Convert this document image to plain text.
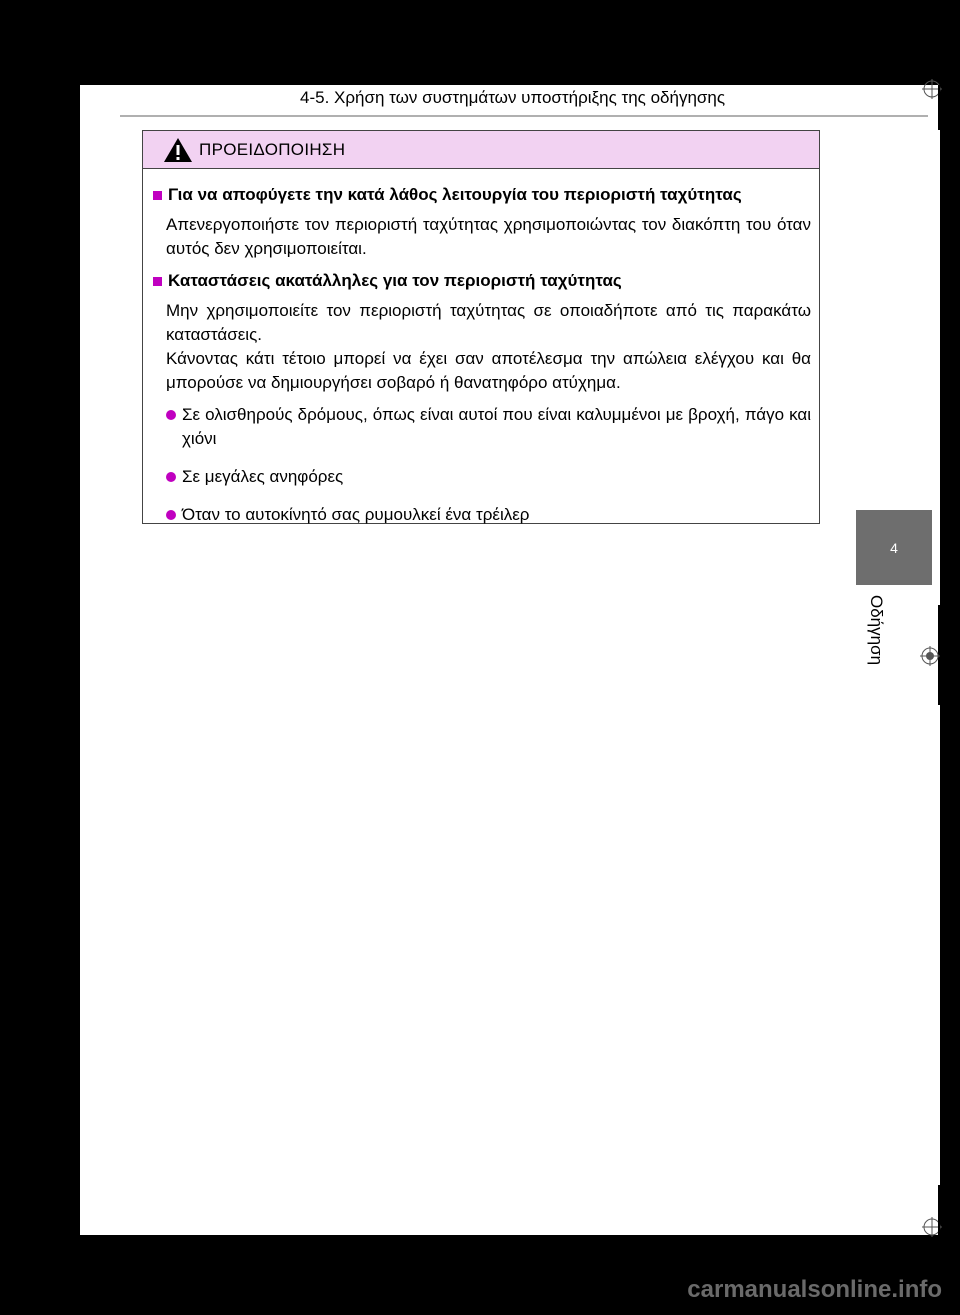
4-5. Χρήση των συστημάτων υποστήριξης της οδήγησης
ΠΡΟΕΙΔΟΠΟΙΗΣΗ
Για να αποφύγετε την κατά λάθος λειτουργία του περιοριστή ταχύτητας
Απενεργοποιήστε τον περιοριστή ταχύτητας χρησιμοποιώντας τον διακόπτη του όταν αυτός δεν χρησιμοποιείται.
Καταστάσεις ακατάλληλες για τον περιοριστή ταχύτητας
Μην χρησιμοποιείτε τον περιοριστή ταχύτητας σε οποιαδήποτε από τις παρακάτω καταστάσεις.
Κάνοντας κάτι τέτοιο μπορεί να έχει σαν αποτέλεσμα την απώλεια ελέγχου και θα μπορούσε να δημιουργήσει σοβαρό ή θανατηφόρο ατύχημα.
Σε ολισθηρούς δρόμους, όπως είναι αυτοί που είναι καλυμμένοι με βροχή, πάγο και χιόνι
Σε μεγάλες ανηφόρες
Όταν το αυτοκίνητό σας ρυμουλκεί ένα τρέιλερ
4
Οδήγηση
carmanualsonline.info
